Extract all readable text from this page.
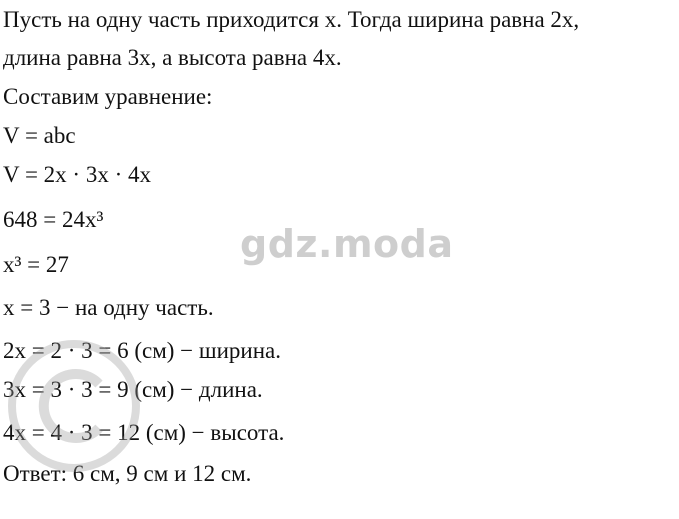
Пусть на одну часть приходится x. Тогда ширина равна 2x,
длина равна 3x, а высота равна 4x.
Составим уравнение:
V = abc
V = 2x · 3x · 4x
648 = 24x³
x³ = 27
x = 3 − на одну часть.
2x = 2 · 3 = 6 (см) − ширина.
3x = 3 · 3 = 9 (см) − длина.
4x = 4 · 3 = 12 (см) − высота.
Ответ: 6 см, 9 см и 12 см.
gdz.moda
